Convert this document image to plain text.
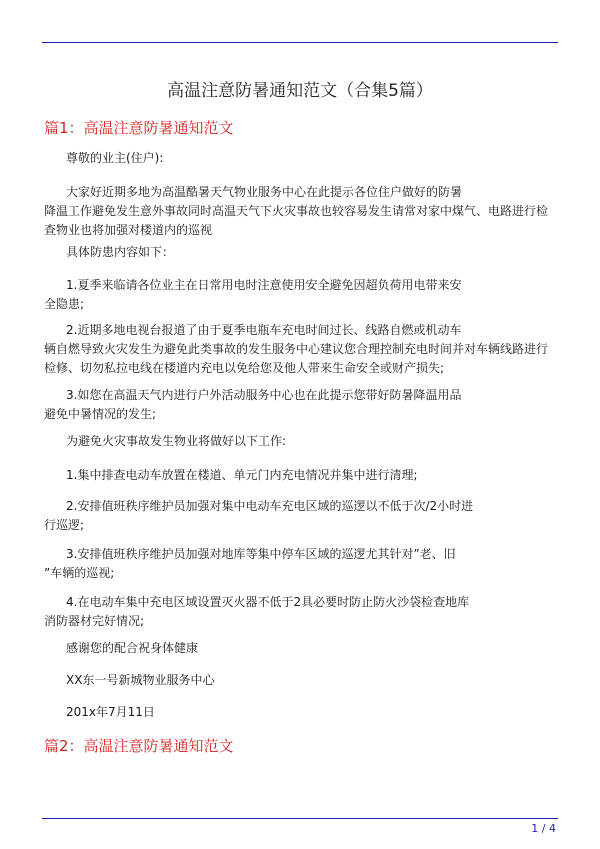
高温注意防暑通知范文（合集5篇）
篇1：高温注意防暑通知范文

尊敬的业主(住户):

大家好近期多地为高温酷暑天气物业服务中心在此提示各位住户做好的防暑
降温工作避免发生意外事故同时高温天气下火灾事故也较容易发生请常对家中煤气、电路进行检
查物业也将加强对楼道内的巡视

具体防患内容如下：

1.夏季来临请各位业主在日常用电时注意使用安全避免因超负荷用电带来安
全隐患;

2.近期多地电视台报道了由于夏季电瓶车充电时间过长、线路自燃或机动车
辆自燃导致火灾发生为避免此类事故的发生服务中心建议您合理控制充电时间并对车辆线路进行
检修、切勿私拉电线在楼道内充电以免给您及他人带来生命安全或财产损失;

3.如您在高温天气内进行户外活动服务中心也在此提示您带好防暑降温用品
避免中暑情况的发生;

为避免火灾事故发生物业将做好以下工作:

1.集中排查电动车放置在楼道、单元门内充电情况并集中进行清理;

2.安排值班秩序维护员加强对集中电动车充电区域的巡逻以不低于次/2小时进
行巡逻;

3.安排值班秩序维护员加强对地库等集中停车区域的巡逻尤其针对”老、旧
”车辆的巡视;

4.在电动车集中充电区域设置灭火器不低于2具必要时防止防火沙袋检查地库
消防器材完好情况;

感谢您的配合祝身体健康

XX东一号新城物业服务中心

201x年7月11日

篇2：高温注意防暑通知范文
1 / 4
